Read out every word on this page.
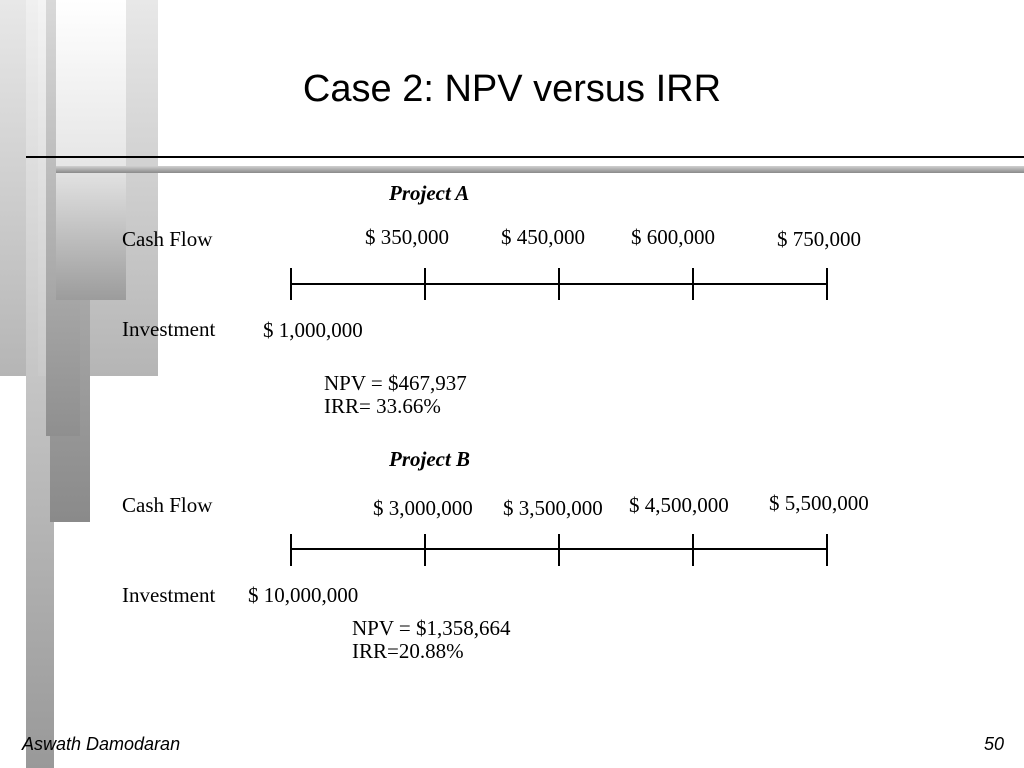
Case 2: NPV versus IRR
Project A
Cash Flow	$ 350,000 $ 450,000 $ 600,000	$ 750,000
Investment $ 1,000,000
NPV = $467,937
IRR= 33.66%
Project B
Cash Flow	$ 3,000,000 $ 3,500,000 $ 4,500,000 $ 5,500,000
Investment $ 10,000,000
NPV = $1,358,664
IRR=20.88%
Aswath Damodaran	50
